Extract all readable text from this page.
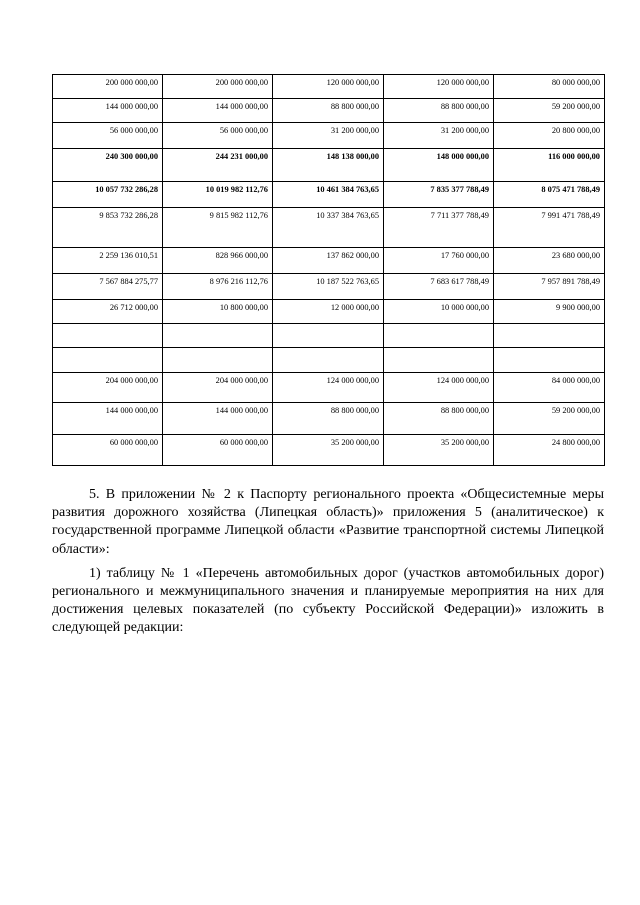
200 000 000,00	200 000 000,00	120 000 000,00	120 000 000,00	80 000 000,00
144 000 000,00	144 000 000,00	88 800 000,00	88 800 000,00	59 200 000,00
56 000 000,00	56 000 000,00	31 200 000,00	31 200 000,00	20 800 000,00
240 300 000,00	244 231 000,00	148 138 000,00	148 000 000,00	116 000 000,00
10 057 732 286,28	10 019 982 112,76	10 461 384 763,65	7 835 377 788,49	8 075 471 788,49
9 853 732 286,28	9 815 982 112,76	10 337 384 763,65	7 711 377 788,49	7 991 471 788,49
2 259 136 010,51	828 966 000,00	137 862 000,00	17 760 000,00	23 680 000,00
7 567 884 275,77	8 976 216 112,76	10 187 522 763,65	7 683 617 788,49	7 957 891 788,49
26 712 000,00	10 800 000,00	12 000 000,00	10 000 000,00	9 900 000,00

204 000 000,00	204 000 000,00	124 000 000,00	124 000 000,00	84 000 000,00
144 000 000,00	144 000 000,00	88 800 000,00	88 800 000,00	59 200 000,00
60 000 000,00	60 000 000,00	35 200 000,00	35 200 000,00	24 800 000,00

5. В приложении № 2 к Паспорту регионального проекта «Общесистемные меры развития дорожного хозяйства (Липецкая область)» приложения 5 (аналитическое) к государственной программе Липецкой области «Развитие транспортной системы Липецкой области»:

1) таблицу № 1 «Перечень автомобильных дорог (участков автомобильных дорог) регионального и межмуниципального значения и планируемые мероприятия на них для достижения целевых показателей (по субъекту Российской Федерации)» изложить в следующей редакции:
